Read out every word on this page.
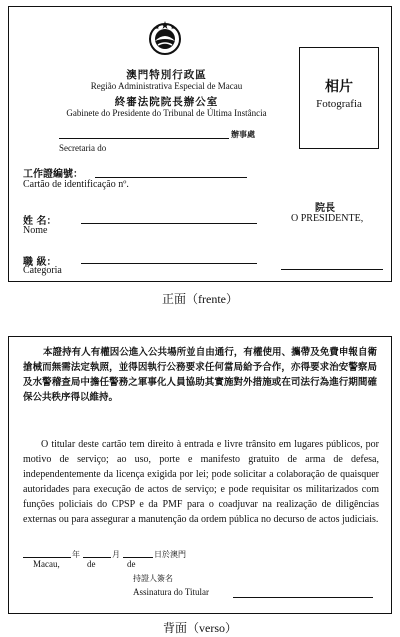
澳門特別行政區
Região Administrativa Especial de Macau
終審法院院長辦公室
Gabinete do Presidente do Tribunal de Última Instância
相片
Fotografia
辦事處
Secretaria do
工作證編號：
Cartão de identificação nº.
院長
O PRESIDENTE,
姓 名：
Nome
職 級：
Categoria
正面（frente）
本證持有人有權因公進入公共場所並自由通行，有權使用、攜帶及免費申報自衛搶械而無需法定執照，並得因執行公務要求任何當局給予合作，亦得要求治安警察局及水警稽查局中擔任警務之軍事化人員協助其實施對外措施或在司法行為進行期間確保公共秩序得以維持。
O titular deste cartão tem direito à entrada e livre trânsito em lugares públicos, por motivo de serviço; ao uso, porte e manifesto gratuito de arma de defesa, independentemente da licença exigida por lei; pode solicitar a colaboração de quaisquer autoridades para execução de actos de serviço; e pode requisitar os militarizados com funções policiais do CPSP e da PMF para o coadjuvar na realização de diligências externas ou para assegurar a manutenção da ordem pública no decurso de actos judiciais.
年	月	日於澳門
Macau,	de	de
持證人簽名
Assinatura do Titular
背面（verso）
